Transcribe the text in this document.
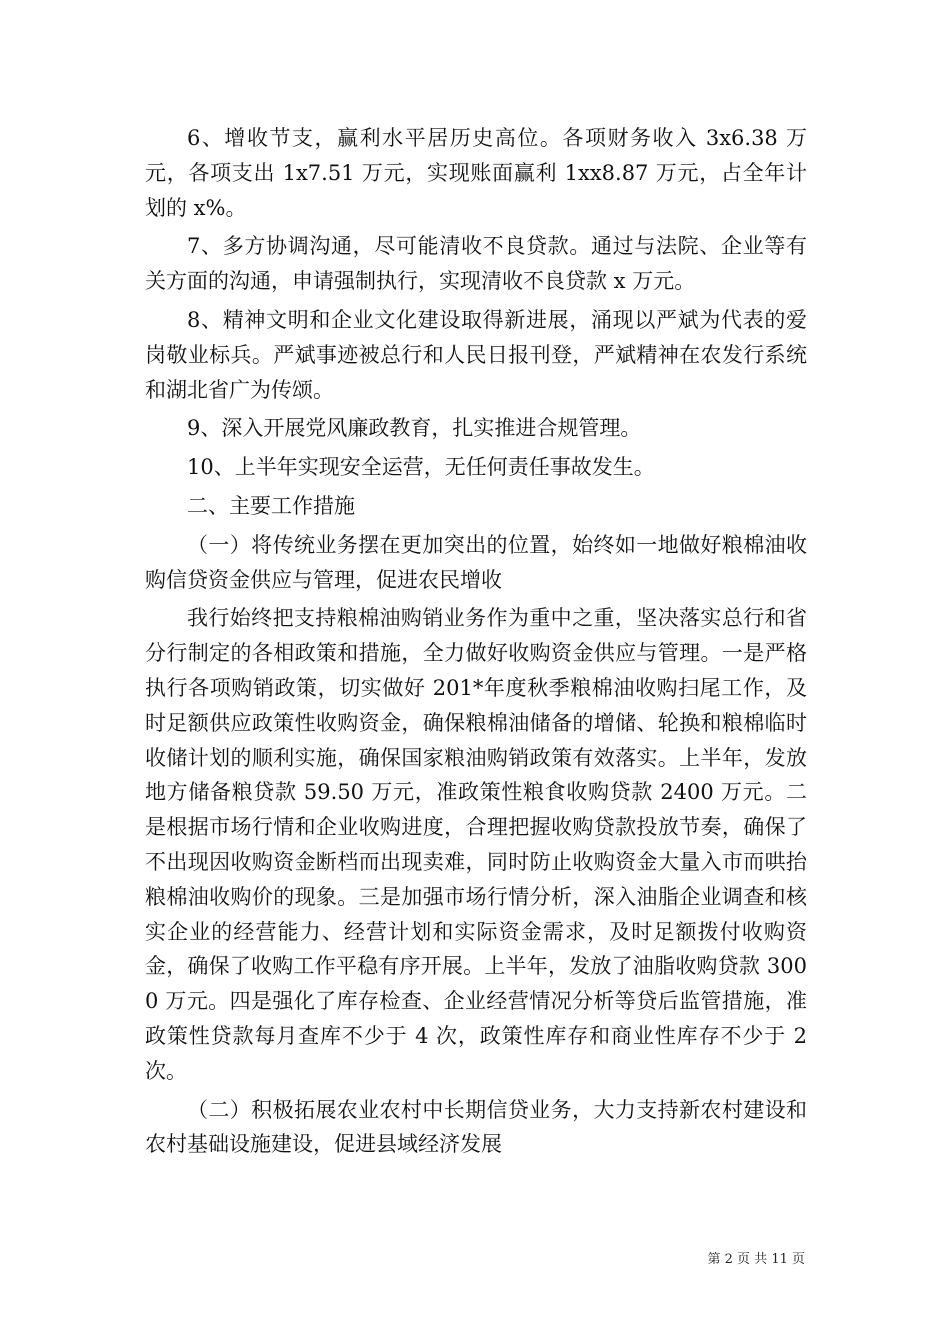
6、增收节支，赢利水平居历史高位。各项财务收入 3x6.38 万元，各项支出 1x7.51 万元，实现账面赢利 1xx8.87 万元，占全年计划的 x%。

7、多方协调沟通，尽可能清收不良贷款。通过与法院、企业等有关方面的沟通，申请强制执行，实现清收不良贷款 x 万元。

8、精神文明和企业文化建设取得新进展，涌现以严斌为代表的爱岗敬业标兵。严斌事迹被总行和人民日报刊登，严斌精神在农发行系统和湖北省广为传颂。

9、深入开展党风廉政教育，扎实推进合规管理。

10、上半年实现安全运营，无任何责任事故发生。

二、主要工作措施

（一）将传统业务摆在更加突出的位置，始终如一地做好粮棉油收购信贷资金供应与管理，促进农民增收

我行始终把支持粮棉油购销业务作为重中之重，坚决落实总行和省分行制定的各相政策和措施，全力做好收购资金供应与管理。一是严格执行各项购销政策，切实做好 201*年度秋季粮棉油收购扫尾工作，及时足额供应政策性收购资金，确保粮棉油储备的增储、轮换和粮棉临时收储计划的顺利实施，确保国家粮油购销政策有效落实。上半年，发放地方储备粮贷款 59.50 万元，准政策性粮食收购贷款 2400 万元。二是根据市场行情和企业收购进度，合理把握收购贷款投放节奏，确保了不出现因收购资金断档而出现卖难，同时防止收购资金大量入市而哄抬粮棉油收购价的现象。三是加强市场行情分析，深入油脂企业调查和核实企业的经营能力、经营计划和实际资金需求，及时足额拨付收购资金，确保了收购工作平稳有序开展。上半年，发放了油脂收购贷款 3000 万元。四是强化了库存检查、企业经营情况分析等贷后监管措施，准政策性贷款每月查库不少于 4 次，政策性库存和商业性库存不少于 2 次。

（二）积极拓展农业农村中长期信贷业务，大力支持新农村建设和农村基础设施建设，促进县域经济发展

第 2 页 共 11 页
